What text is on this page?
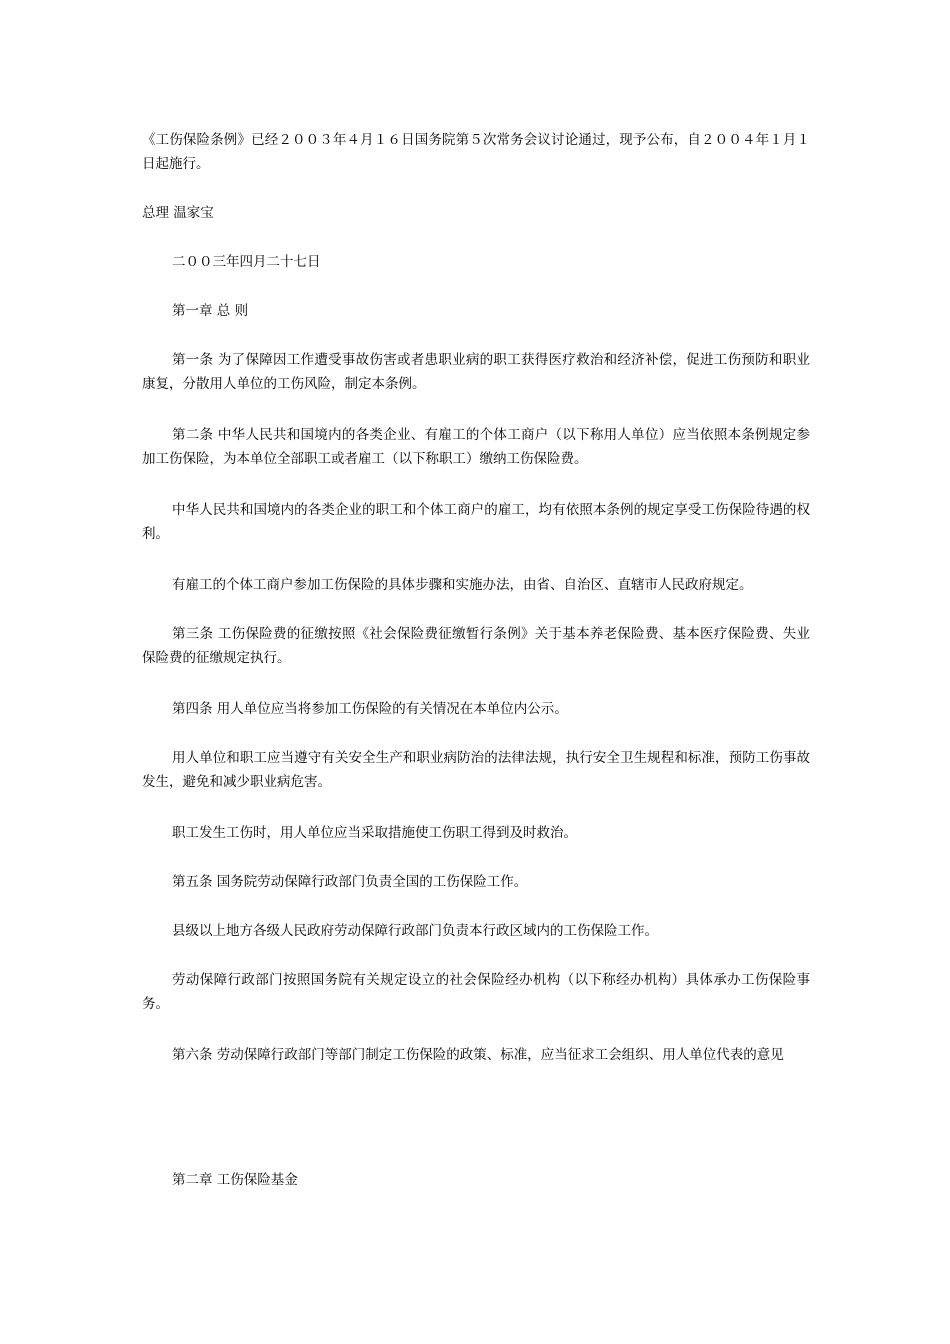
《工伤保险条例》已经２００３年４月１６日国务院第５次常务会议讨论通过，现予公布，自２００４年１月１日起施行。

总理 温家宝

二００三年四月二十七日

第一章 总 则

第一条 为了保障因工作遭受事故伤害或者患职业病的职工获得医疗救治和经济补偿，促进工伤预防和职业康复，分散用人单位的工伤风险，制定本条例。

第二条 中华人民共和国境内的各类企业、有雇工的个体工商户（以下称用人单位）应当依照本条例规定参加工伤保险，为本单位全部职工或者雇工（以下称职工）缴纳工伤保险费。

中华人民共和国境内的各类企业的职工和个体工商户的雇工，均有依照本条例的规定享受工伤保险待遇的权利。

有雇工的个体工商户参加工伤保险的具体步骤和实施办法，由省、自治区、直辖市人民政府规定。

第三条 工伤保险费的征缴按照《社会保险费征缴暂行条例》关于基本养老保险费、基本医疗保险费、失业保险费的征缴规定执行。

第四条 用人单位应当将参加工伤保险的有关情况在本单位内公示。

用人单位和职工应当遵守有关安全生产和职业病防治的法律法规，执行安全卫生规程和标准，预防工伤事故发生，避免和减少职业病危害。

职工发生工伤时，用人单位应当采取措施使工伤职工得到及时救治。

第五条 国务院劳动保障行政部门负责全国的工伤保险工作。

县级以上地方各级人民政府劳动保障行政部门负责本行政区域内的工伤保险工作。

劳动保障行政部门按照国务院有关规定设立的社会保险经办机构（以下称经办机构）具体承办工伤保险事务。

第六条 劳动保障行政部门等部门制定工伤保险的政策、标准，应当征求工会组织、用人单位代表的意见

第二章 工伤保险基金
